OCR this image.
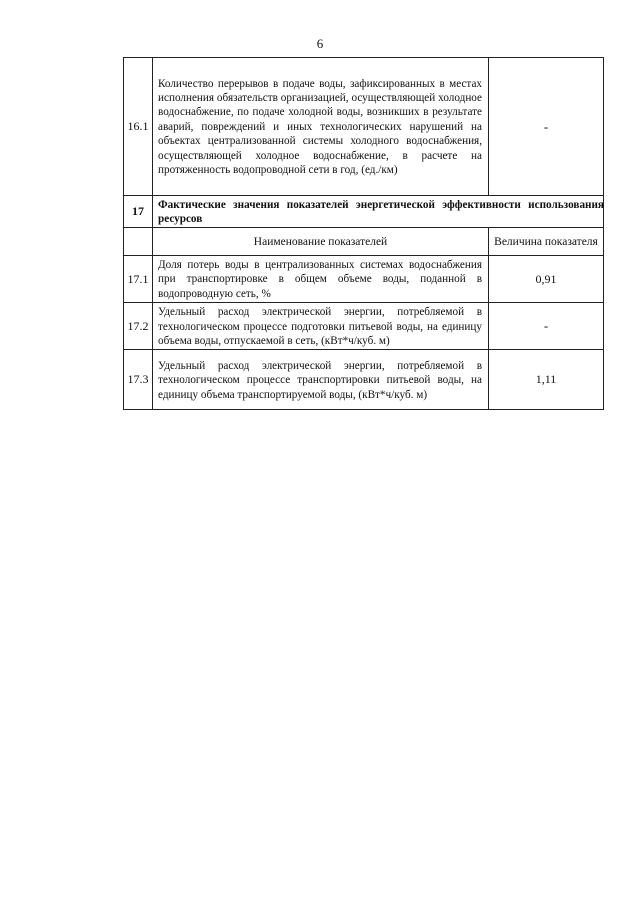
6
16.1	Количество перерывов в подаче воды, зафиксированных в местах исполнения обязательств организацией, осуществляющей холодное водоснабжение, по подаче холодной воды, возникших в результате аварий, повреждений и иных технологических нарушений на объектах централизованной системы холодного водоснабжения, осуществляющей холодное водоснабжение, в расчете на протяженность водопроводной сети в год, (ед./км)	-
17	Фактические значения показателей энергетической эффективности использования ресурсов	

	Наименование показателей	Величина показателя
17.1	Доля потерь воды в централизованных системах водоснабжения при транспортировке в общем объеме воды, поданной в водопроводную сеть, %	0,91
17.2	Удельный расход электрической энергии, потребляемой в технологическом процессе подготовки питьевой воды, на единицу объема воды, отпускаемой в сеть, (кВт*ч/куб. м)	-
17.3	Удельный расход электрической энергии, потребляемой в технологическом процессе транспортировки питьевой воды, на единицу объема транспортируемой воды, (кВт*ч/куб. м)	1,11
